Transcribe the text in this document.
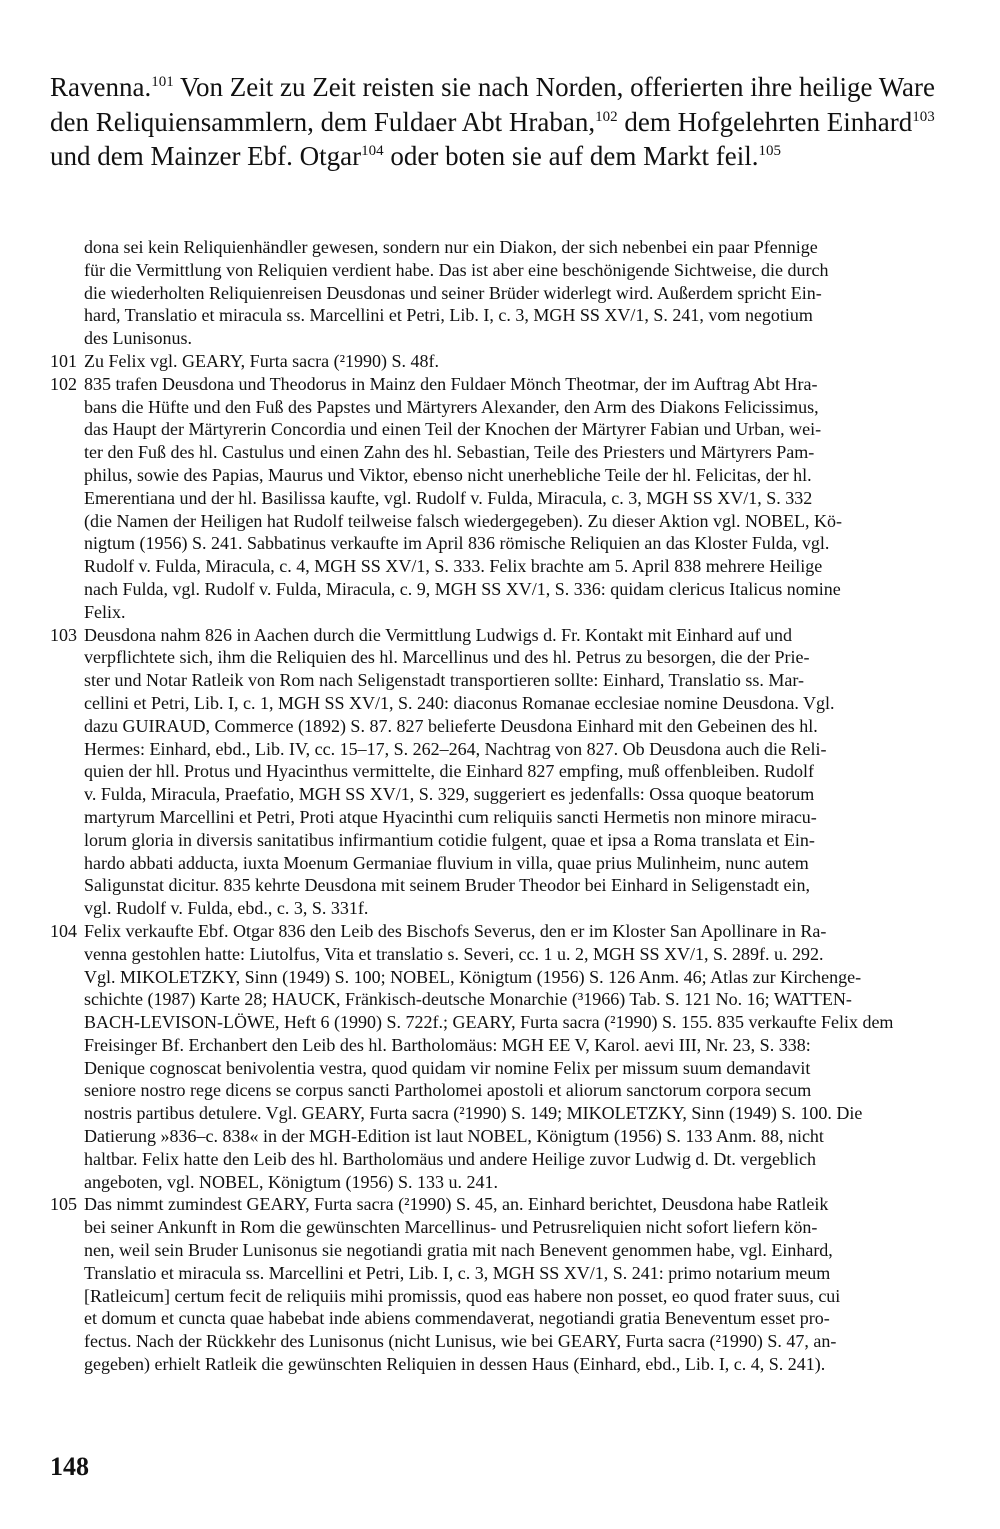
Ravenna.$^{101}$ Von Zeit zu Zeit reisten sie nach Norden, offerierten ihre heilige Ware
den Reliquiensammlern, dem Fuldaer Abt Hraban,$^{102}$ dem Hofgelehrten Einhard$^{103}$
und dem Mainzer Ebf. Otgar$^{104}$ oder boten sie auf dem Markt feil.$^{105}$
dona sei kein Reliquienhändler gewesen, sondern nur ein Diakon, der sich nebenbei ein paar Pfennige
für die Vermittlung von Reliquien verdient habe. Das ist aber eine beschönigende Sichtweise, die durch
die wiederholten Reliquienreisen Deusdonas und seiner Brüder widerlegt wird. Außerdem spricht Ein-
hard, Translatio et miracula ss. Marcellini et Petri, Lib. I, c. 3, MGH SS XV/1, S. 241, vom negotium
des Lunisonus.
101 Zu Felix vgl. GEARY, Furta sacra (²1990) S. 48f.
102 835 trafen Deusdona und Theodorus in Mainz den Fuldaer Mönch Theotmar, der im Auftrag Abt Hra-
bans die Hüfte und den Fuß des Papstes und Märtyrers Alexander, den Arm des Diakons Felicissimus,
das Haupt der Märtyrerin Concordia und einen Teil der Knochen der Märtyrer Fabian und Urban, wei-
ter den Fuß des hl. Castulus und einen Zahn des hl. Sebastian, Teile des Priesters und Märtyrers Pam-
philus, sowie des Papias, Maurus und Viktor, ebenso nicht unerhebliche Teile der hl. Felicitas, der hl.
Emerentiana und der hl. Basilissa kaufte, vgl. Rudolf v. Fulda, Miracula, c. 3, MGH SS XV/1, S. 332
(die Namen der Heiligen hat Rudolf teilweise falsch wiedergegeben). Zu dieser Aktion vgl. NOBEL, Kö-
nigtum (1956) S. 241. Sabbatinus verkaufte im April 836 römische Reliquien an das Kloster Fulda, vgl.
Rudolf v. Fulda, Miracula, c. 4, MGH SS XV/1, S. 333. Felix brachte am 5. April 838 mehrere Heilige
nach Fulda, vgl. Rudolf v. Fulda, Miracula, c. 9, MGH SS XV/1, S. 336: quidam clericus Italicus nomine
Felix.
103 Deusdona nahm 826 in Aachen durch die Vermittlung Ludwigs d. Fr. Kontakt mit Einhard auf und
verpflichtete sich, ihm die Reliquien des hl. Marcellinus und des hl. Petrus zu besorgen, die der Prie-
ster und Notar Ratleik von Rom nach Seligenstadt transportieren sollte: Einhard, Translatio ss. Mar-
cellini et Petri, Lib. I, c. 1, MGH SS XV/1, S. 240: diaconus Romanae ecclesiae nomine Deusdona. Vgl.
dazu GUIRAUD, Commerce (1892) S. 87. 827 belieferte Deusdona Einhard mit den Gebeinen des hl.
Hermes: Einhard, ebd., Lib. IV, cc. 15–17, S. 262–264, Nachtrag von 827. Ob Deusdona auch die Reli-
quien der hll. Protus und Hyacinthus vermittelte, die Einhard 827 empfing, muß offenbleiben. Rudolf
v. Fulda, Miracula, Praefatio, MGH SS XV/1, S. 329, suggeriert es jedenfalls: Ossa quoque beatorum
martyrum Marcellini et Petri, Proti atque Hyacinthi cum reliquiis sancti Hermetis non minore miracu-
lorum gloria in diversis sanitatibus infirmantium cotidie fulgent, quae et ipsa a Roma translata et Ein-
hardo abbati adducta, iuxta Moenum Germaniae fluvium in villa, quae prius Mulinheim, nunc autem
Saligunstat dicitur. 835 kehrte Deusdona mit seinem Bruder Theodor bei Einhard in Seligenstadt ein,
vgl. Rudolf v. Fulda, ebd., c. 3, S. 331f.
104 Felix verkaufte Ebf. Otgar 836 den Leib des Bischofs Severus, den er im Kloster San Apollinare in Ra-
venna gestohlen hatte: Liutolfus, Vita et translatio s. Severi, cc. 1 u. 2, MGH SS XV/1, S. 289f. u. 292.
Vgl. MIKOLETZKY, Sinn (1949) S. 100; NOBEL, Königtum (1956) S. 126 Anm. 46; Atlas zur Kirchenge-
schichte (1987) Karte 28; HAUCK, Fränkisch-deutsche Monarchie (³1966) Tab. S. 121 No. 16; WATTEN-
BACH-LEVISON-LÖWE, Heft 6 (1990) S. 722f.; GEARY, Furta sacra (²1990) S. 155. 835 verkaufte Felix dem
Freisinger Bf. Erchanbert den Leib des hl. Bartholomäus: MGH EE V, Karol. aevi III, Nr. 23, S. 338:
Denique cognoscat benivolentia vestra, quod quidam vir nomine Felix per missum suum demandavit
seniore nostro rege dicens se corpus sancti Partholomei apostoli et aliorum sanctorum corpora secum
nostris partibus detulere. Vgl. GEARY, Furta sacra (²1990) S. 149; MIKOLETZKY, Sinn (1949) S. 100. Die
Datierung »836–c. 838« in der MGH-Edition ist laut NOBEL, Königtum (1956) S. 133 Anm. 88, nicht
haltbar. Felix hatte den Leib des hl. Bartholomäus und andere Heilige zuvor Ludwig d. Dt. vergeblich
angeboten, vgl. NOBEL, Königtum (1956) S. 133 u. 241.
105 Das nimmt zumindest GEARY, Furta sacra (²1990) S. 45, an. Einhard berichtet, Deusdona habe Ratleik
bei seiner Ankunft in Rom die gewünschten Marcellinus- und Petrusreliquien nicht sofort liefern kön-
nen, weil sein Bruder Lunisonus sie negotiandi gratia mit nach Benevent genommen habe, vgl. Einhard,
Translatio et miracula ss. Marcellini et Petri, Lib. I, c. 3, MGH SS XV/1, S. 241: primo notarium meum
[Ratleicum] certum fecit de reliquiis mihi promissis, quod eas habere non posset, eo quod frater suus, cui
et domum et cuncta quae habebat inde abiens commendaverat, negotiandi gratia Beneventum esset pro-
fectus. Nach der Rückkehr des Lunisonus (nicht Lunisus, wie bei GEARY, Furta sacra (²1990) S. 47, an-
gegeben) erhielt Ratleik die gewünschten Reliquien in dessen Haus (Einhard, ebd., Lib. I, c. 4, S. 241).
148
